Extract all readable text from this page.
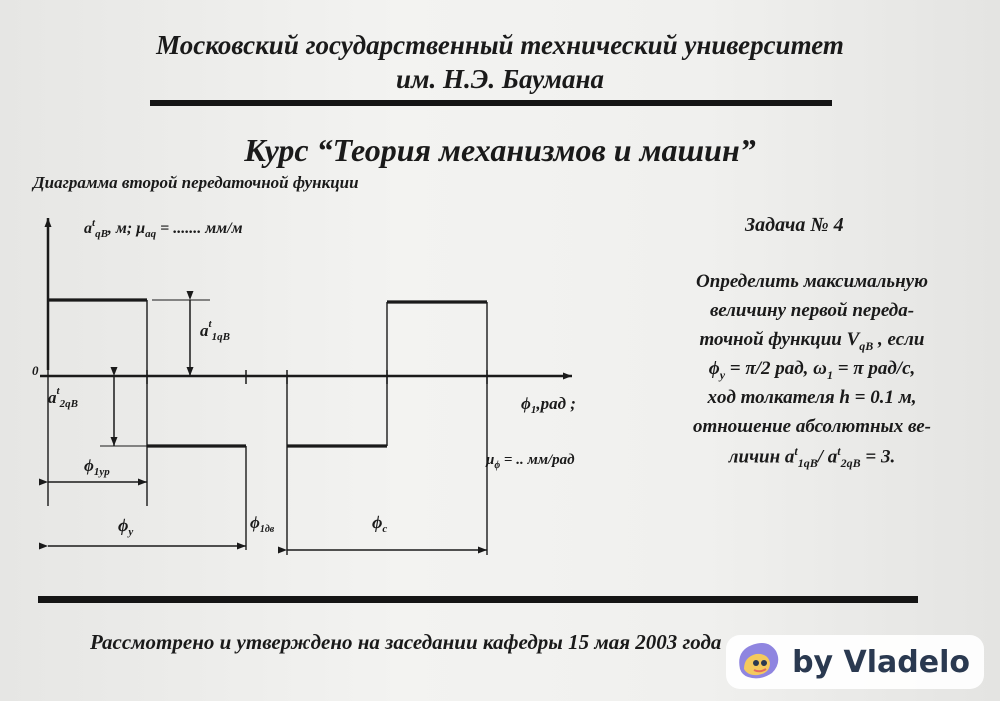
Московский государственный технический университет
им. Н.Э. Баумана
Курс “Теория механизмов и машин”
Диаграмма второй передаточной функции
$a^t_{qB}$, м; $\mu_{aq}$ = ....... мм/м
0
$a^t_{1qB}$
$a^t_{2qB}$	$\phi_1,рад$ ;
$\mu_\phi$ = .. мм/рад
$\phi_{1yp}$
$\phi_y$	$\phi_{1дв}$	$\phi_c$
Задача № 4
Определить максимальную
величину первой переда-
точной функции $V_{qB}$ , если
$\phi_y = \pi/2$ рад, $\omega_1 = \pi$ рад/с,
хoд толкателя h = 0.1 м,
отношение абсолютных ве-
личин $a^t_{1qB}/$ $a^t_{2qB} = 3$.
Рассмотрено и утверждено на заседании кафедры 15 мая 2003 года
by Vladelo
